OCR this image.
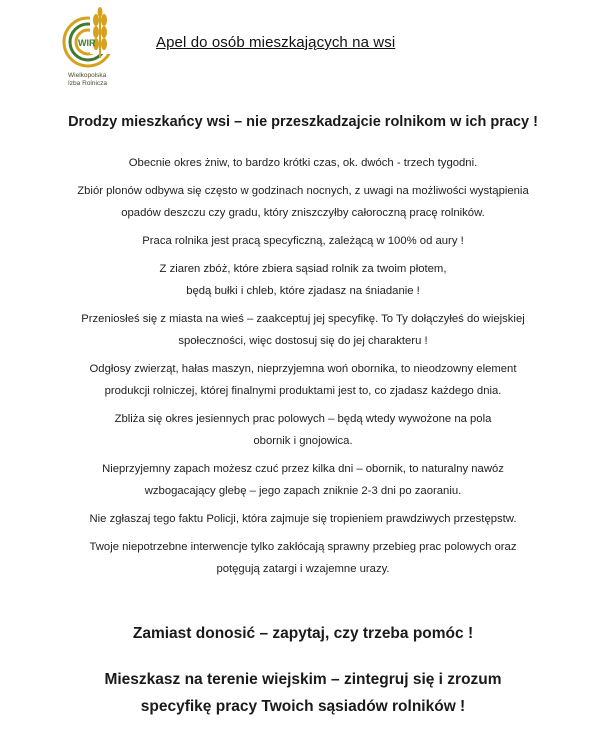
WIR
Wielkopolska
Izba Rolnicza
Apel do osób mieszkających na wsi
Drodzy mieszkańcy wsi – nie przeszkadzajcie rolnikom w ich pracy !

Obecnie okres żniw, to bardzo krótki czas, ok. dwóch - trzech tygodni.

Zbiór plonów odbywa się często w godzinach nocnych, z uwagi na możliwości wystąpienia
opadów deszczu czy gradu, który zniszczyłby całoroczną pracę rolników.

Praca rolnika jest pracą specyficzną, zależącą w 100% od aury !

Z ziaren zbóż, które zbiera sąsiad rolnik za twoim płotem,
będą bułki i chleb, które zjadasz na śniadanie !

Przeniosłeś się z miasta na wieś – zaakceptuj jej specyfikę. To Ty dołączyłeś do wiejskiej
społeczności, więc dostosuj się do jej charakteru !

Odgłosy zwierząt, hałas maszyn, nieprzyjemna woń obornika, to nieodzowny element
produkcji rolniczej, której finalnymi produktami jest to, co zjadasz każdego dnia.

Zbliża się okres jesiennych prac polowych – będą wtedy wywożone na pola
obornik i gnojowica.

Nieprzyjemny zapach możesz czuć przez kilka dni – obornik, to naturalny nawóz
wzbogacający glebę – jego zapach zniknie 2-3 dni po zaoraniu.

Nie zgłaszaj tego faktu Policji, która zajmuje się tropieniem prawdziwych przestępstw.

Twoje niepotrzebne interwencje tylko zakłócają sprawny przebieg prac polowych oraz
potęgują zatargi i wzajemne urazy.

Zamiast donosić – zapytaj, czy trzeba pomóc !
Mieszkasz na terenie wiejskim – zintegruj się i zrozum
specyfikę pracy Twoich sąsiadów rolników !
